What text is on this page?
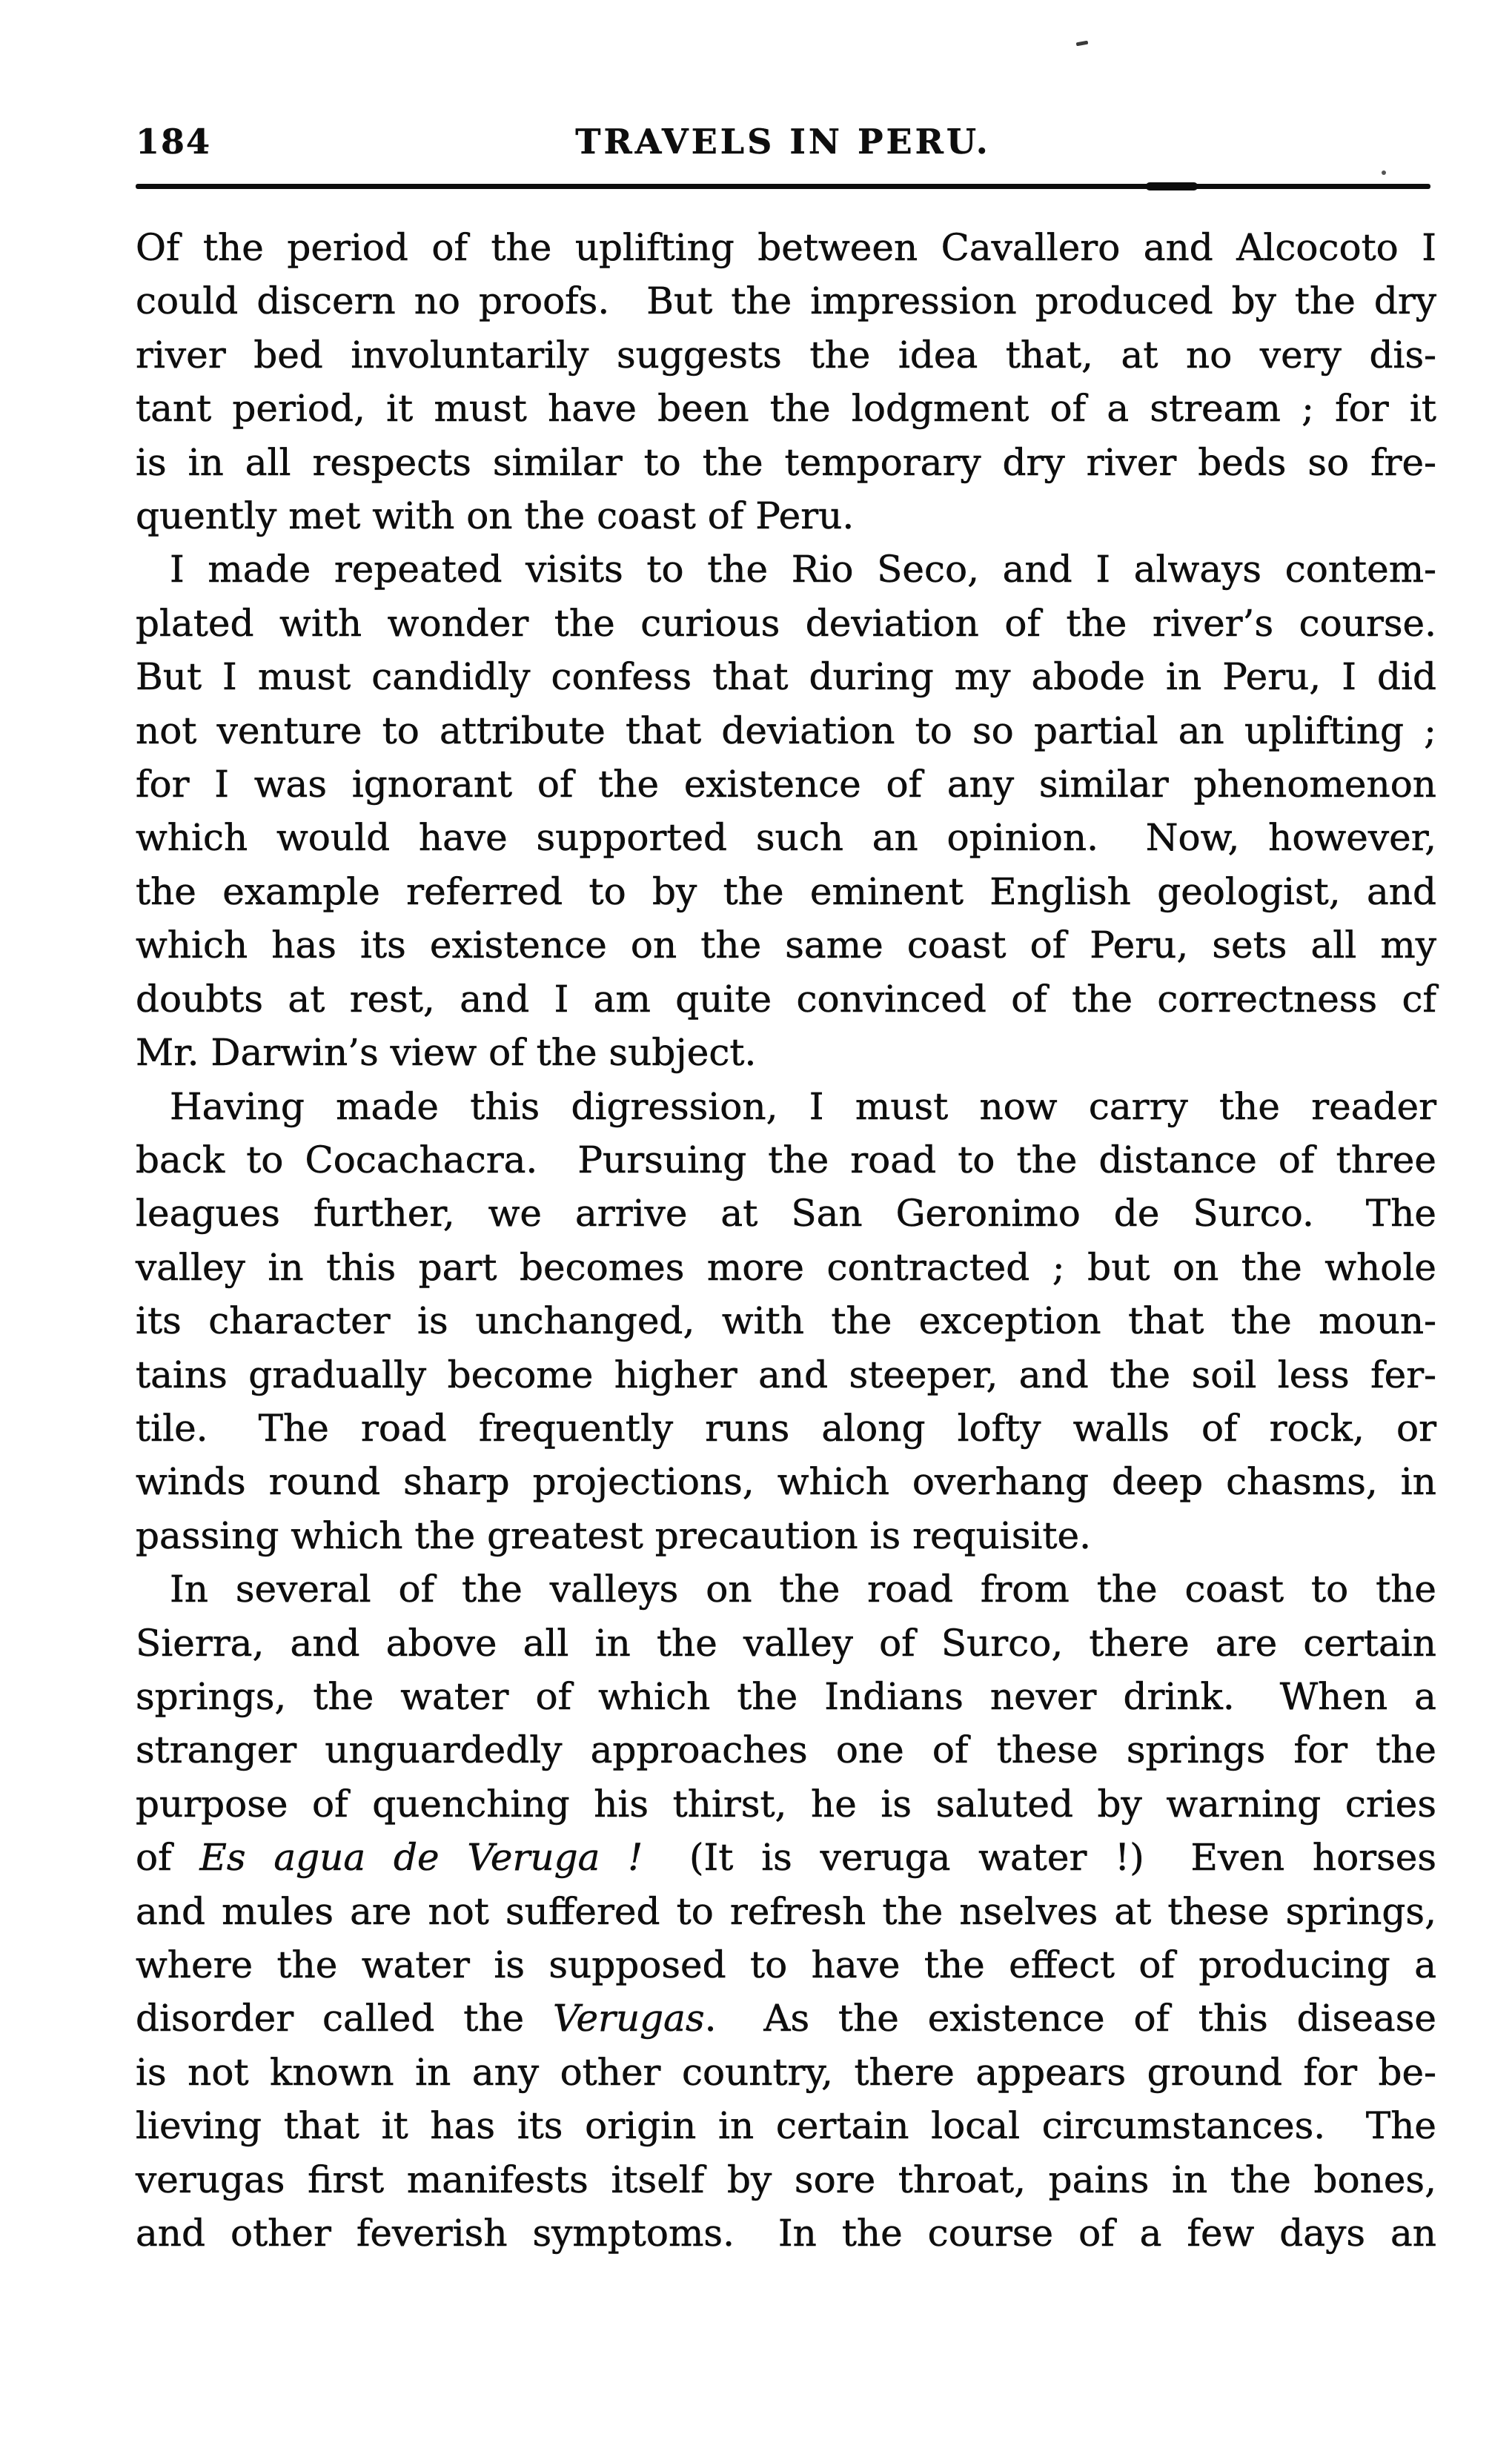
184	TRAVELS IN PERU.
Of the period of the uplifting between Cavallero and Alcocoto I
could discern no proofs.  But the impression produced by the dry
river bed involuntarily suggests the idea that, at no very dis-
tant period, it must have been the lodgment of a stream ; for it
is in all respects similar to the temporary dry river beds so fre-
quently met with on the coast of Peru.
I made repeated visits to the Rio Seco, and I always contem-
plated with wonder the curious deviation of the river’s course.
But I must candidly confess that during my abode in Peru, I did
not venture to attribute that deviation to so partial an uplifting ;
for I was ignorant of the existence of any similar phenomenon
which would have supported such an opinion.  Now, however,
the example referred to by the eminent English geologist, and
which has its existence on the same coast of Peru, sets all my
doubts at rest, and I am quite convinced of the correctness cf
Mr. Darwin’s view of the subject.
Having made this digression, I must now carry the reader
back to Cocachacra.  Pursuing the road to the distance of three
leagues further, we arrive at San Geronimo de Surco.  The
valley in this part becomes more contracted ; but on the whole
its character is unchanged, with the exception that the moun-
tains gradually become higher and steeper, and the soil less fer-
tile.  The road frequently runs along lofty walls of rock, or
winds round sharp projections, which overhang deep chasms, in
passing which the greatest precaution is requisite.
In several of the valleys on the road from the coast to the
Sierra, and above all in the valley of Surco, there are certain
springs, the water of which the Indians never drink.  When a
stranger unguardedly approaches one of these springs for the
purpose of quenching his thirst, he is saluted by warning cries
of Es agua de Veruga !  (It is veruga water !)  Even horses
and mules are not suffered to refresh the nselves at these springs,
where the water is supposed to have the effect of producing a
disorder called the Verugas.  As the existence of this disease
is not known in any other country, there appears ground for be-
lieving that it has its origin in certain local circumstances.  The
verugas first manifests itself by sore throat, pains in the bones,
and other feverish symptoms.  In the course of a few days an
